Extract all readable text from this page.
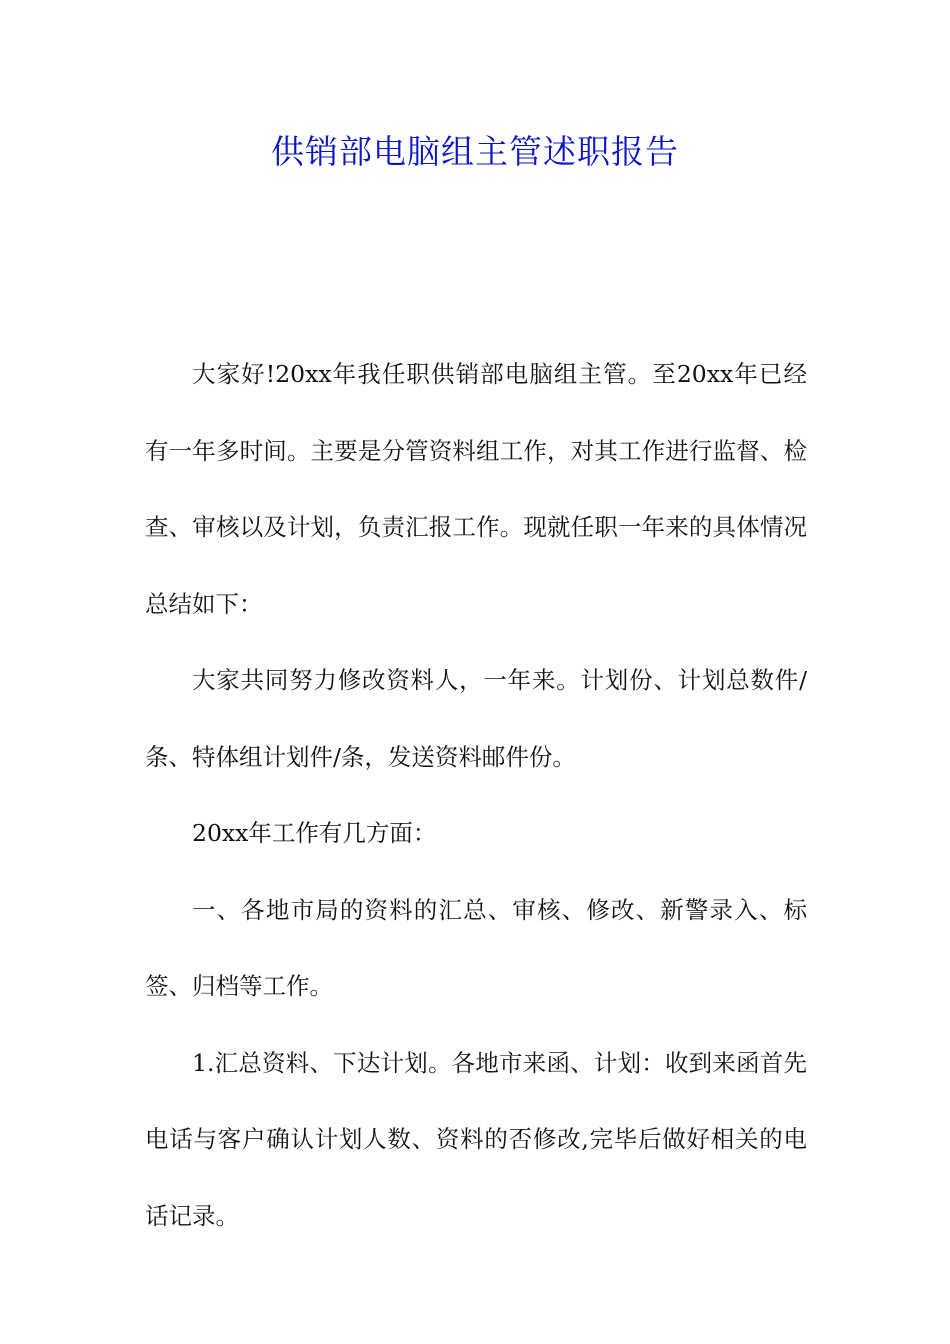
供销部电脑组主管述职报告

大家好!20xx年我任职供销部电脑组主管。至20xx年已经有一年多时间。主要是分管资料组工作，对其工作进行监督、检查、审核以及计划，负责汇报工作。现就任职一年来的具体情况总结如下：

大家共同努力修改资料人，一年来。计划份、计划总数件/条、特体组计划件/条，发送资料邮件份。

20xx年工作有几方面：

一、各地市局的资料的汇总、审核、修改、新警录入、标签、归档等工作。

1.汇总资料、下达计划。各地市来函、计划：收到来函首先电话与客户确认计划人数、资料的否修改,完毕后做好相关的电话记录。
